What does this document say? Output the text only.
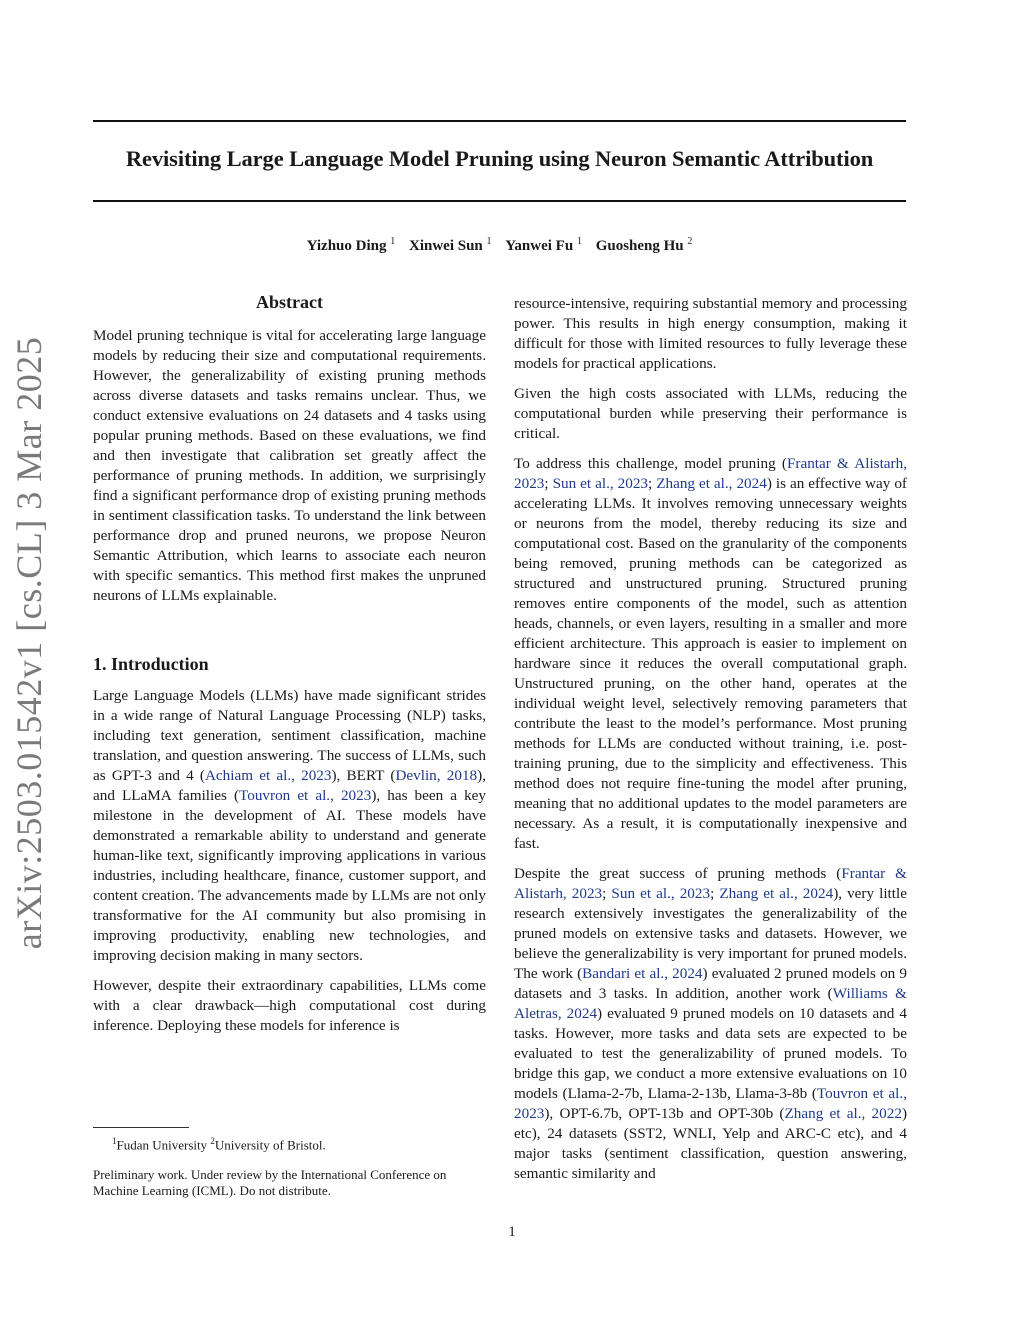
arXiv:2503.01542v1 [cs.CL] 3 Mar 2025
Revisiting Large Language Model Pruning using Neuron Semantic Attribution
Yizhuo Ding $^1$ Xinwei Sun $^1$ Yanwei Fu $^1$ Guosheng Hu $^2$
Abstract

Model pruning technique is vital for accelerating large language models by reducing their size and computational requirements. However, the generalizability of existing pruning methods across diverse datasets and tasks remains unclear. Thus, we conduct extensive evaluations on 24 datasets and 4 tasks using popular pruning methods. Based on these evaluations, we find and then investigate that calibration set greatly affect the performance of pruning methods. In addition, we surprisingly find a significant performance drop of existing pruning methods in sentiment classification tasks. To understand the link between performance drop and pruned neurons, we propose Neuron Semantic Attribution, which learns to associate each neuron with specific semantics. This method first makes the unpruned neurons of LLMs explainable.

1. Introduction

Large Language Models (LLMs) have made significant strides in a wide range of Natural Language Processing (NLP) tasks, including text generation, sentiment classification, machine translation, and question answering. The success of LLMs, such as GPT-3 and 4 (Achiam et al., 2023), BERT (Devlin, 2018), and LLaMA families (Touvron et al., 2023), has been a key milestone in the development of AI. These models have demonstrated a remarkable ability to understand and generate human-like text, significantly improving applications in various industries, including healthcare, finance, customer support, and content creation. The advancements made by LLMs are not only transformative for the AI community but also promising in improving productivity, enabling new technologies, and improving decision making in many sectors.

However, despite their extraordinary capabilities, LLMs come with a clear drawback—high computational cost during inference. Deploying these models for inference is

$^1$Fudan University $^2$University of Bristol.
Preliminary work. Under review by the International Conference on Machine Learning (ICML). Do not distribute.

resource-intensive, requiring substantial memory and processing power. This results in high energy consumption, making it difficult for those with limited resources to fully leverage these models for practical applications.

Given the high costs associated with LLMs, reducing the computational burden while preserving their performance is critical.

To address this challenge, model pruning (Frantar & Alistarh, 2023; Sun et al., 2023; Zhang et al., 2024) is an effective way of accelerating LLMs. It involves removing unnecessary weights or neurons from the model, thereby reducing its size and computational cost. Based on the granularity of the components being removed, pruning methods can be categorized as structured and unstructured pruning. Structured pruning removes entire components of the model, such as attention heads, channels, or even layers, resulting in a smaller and more efficient architecture. This approach is easier to implement on hardware since it reduces the overall computational graph. Unstructured pruning, on the other hand, operates at the individual weight level, selectively removing parameters that contribute the least to the model’s performance. Most pruning methods for LLMs are conducted without training, i.e. post-training pruning, due to the simplicity and effectiveness. This method does not require fine-tuning the model after pruning, meaning that no additional updates to the model parameters are necessary. As a result, it is computationally inexpensive and fast.

Despite the great success of pruning methods (Frantar & Alistarh, 2023; Sun et al., 2023; Zhang et al., 2024), very little research extensively investigates the generalizability of the pruned models on extensive tasks and datasets. However, we believe the generalizability is very important for pruned models. The work (Bandari et al., 2024) evaluated 2 pruned models on 9 datasets and 3 tasks. In addition, another work (Williams & Aletras, 2024) evaluated 9 pruned models on 10 datasets and 4 tasks. However, more tasks and data sets are expected to be evaluated to test the generalizability of pruned models. To bridge this gap, we conduct a more extensive evaluations on 10 models (Llama-2-7b, Llama-2-13b, Llama-3-8b (Touvron et al., 2023), OPT-6.7b, OPT-13b and OPT-30b (Zhang et al., 2022) etc), 24 datasets (SST2, WNLI, Yelp and ARC-C etc), and 4 major tasks (sentiment classification, question answering, semantic similarity and

1
